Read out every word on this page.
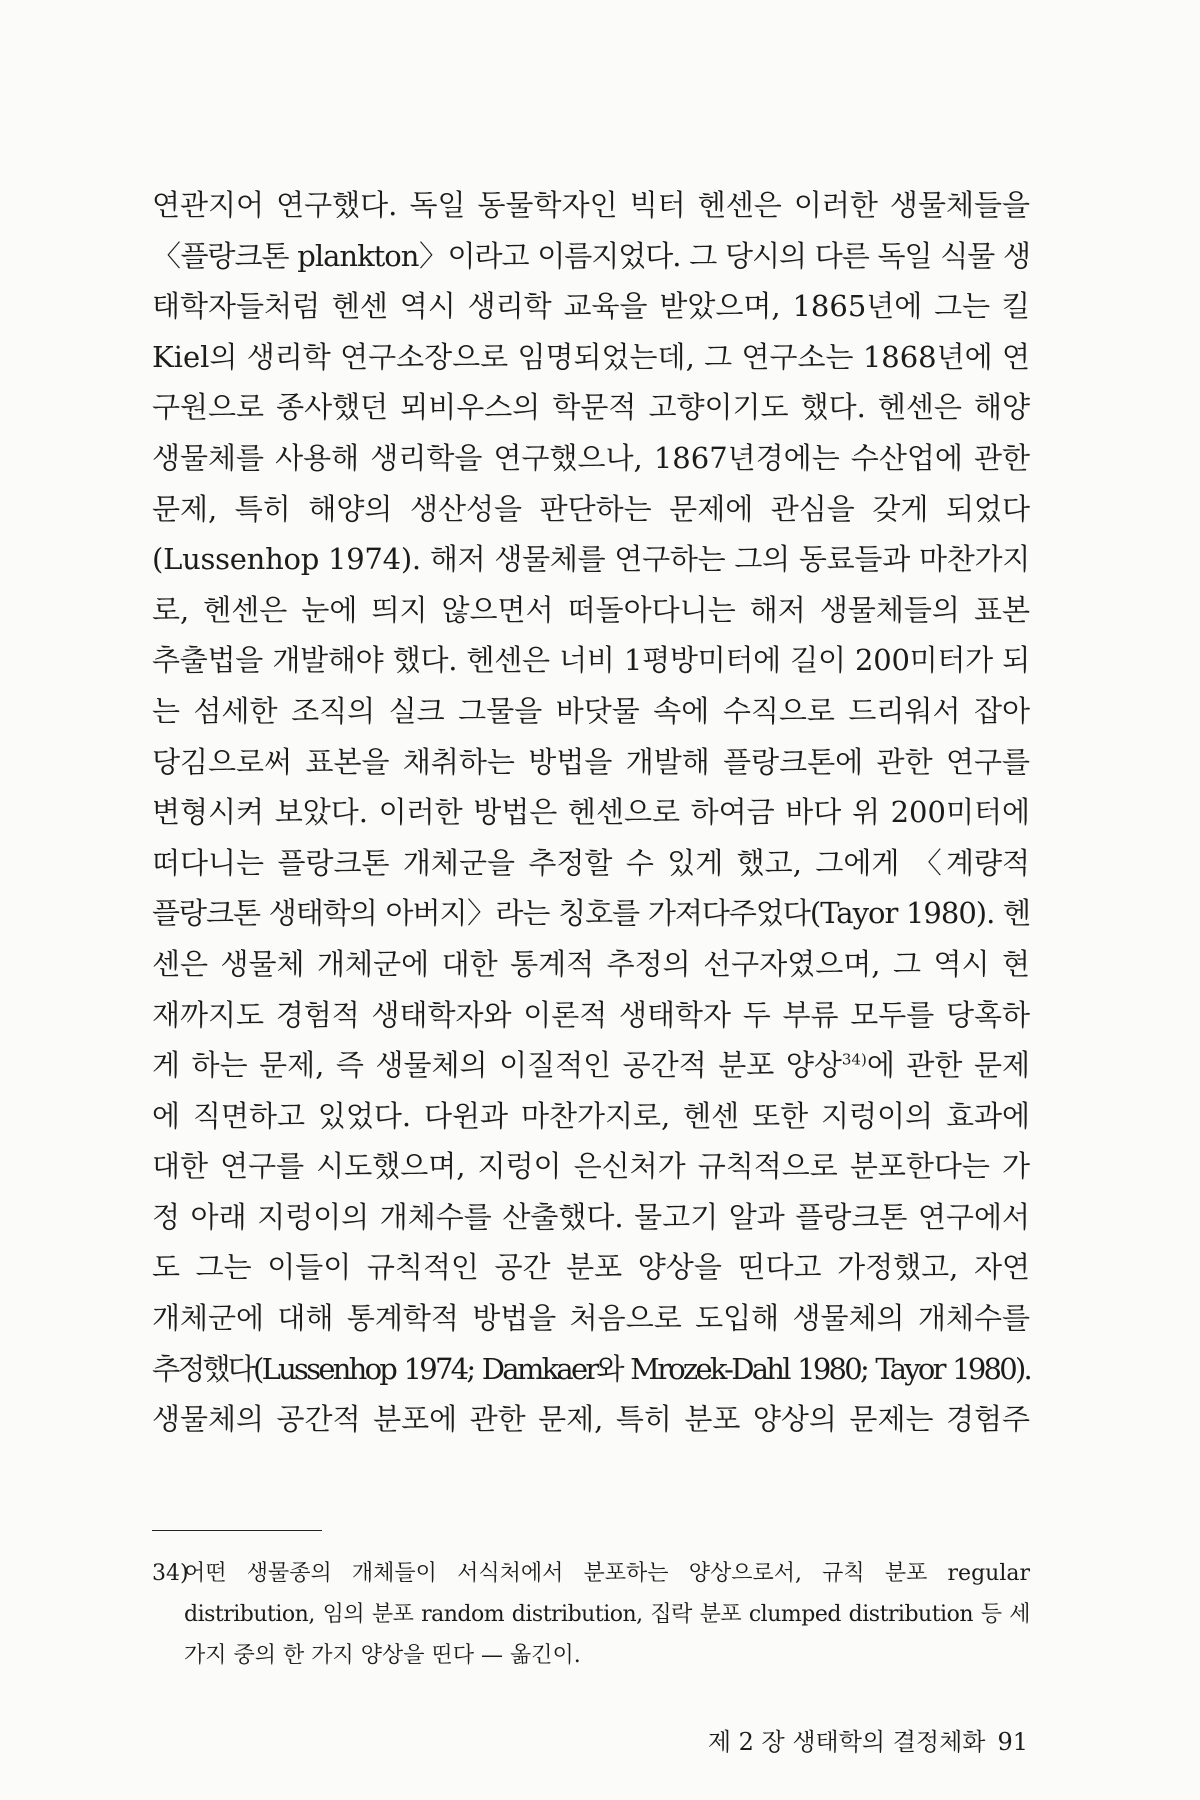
연관지어 연구했다. 독일 동물학자인 빅터 헨센은 이러한 생물체들을
〈플랑크톤 plankton〉이라고 이름지었다. 그 당시의 다른 독일 식물 생
태학자들처럼 헨센 역시 생리학 교육을 받았으며, 1865년에 그는 킬
Kiel의 생리학 연구소장으로 임명되었는데, 그 연구소는 1868년에 연
구원으로 종사했던 뫼비우스의 학문적 고향이기도 했다. 헨센은 해양
생물체를 사용해 생리학을 연구했으나, 1867년경에는 수산업에 관한
문제, 특히 해양의 생산성을 판단하는 문제에 관심을 갖게 되었다
(Lussenhop 1974). 해저 생물체를 연구하는 그의 동료들과 마찬가지
로, 헨센은 눈에 띄지 않으면서 떠돌아다니는 해저 생물체들의 표본
추출법을 개발해야 했다. 헨센은 너비 1평방미터에 길이 200미터가 되
는 섬세한 조직의 실크 그물을 바닷물 속에 수직으로 드리워서 잡아
당김으로써 표본을 채취하는 방법을 개발해 플랑크톤에 관한 연구를
변형시켜 보았다. 이러한 방법은 헨센으로 하여금 바다 위 200미터에
떠다니는 플랑크톤 개체군을 추정할 수 있게 했고, 그에게 〈계량적
플랑크톤 생태학의 아버지〉라는 칭호를 가져다주었다(Tayor 1980). 헨
센은 생물체 개체군에 대한 통계적 추정의 선구자였으며, 그 역시 현
재까지도 경험적 생태학자와 이론적 생태학자 두 부류 모두를 당혹하
게 하는 문제, 즉 생물체의 이질적인 공간적 분포 양상$^{34)}$에 관한 문제
에 직면하고 있었다. 다윈과 마찬가지로, 헨센 또한 지렁이의 효과에
대한 연구를 시도했으며, 지렁이 은신처가 규칙적으로 분포한다는 가
정 아래 지렁이의 개체수를 산출했다. 물고기 알과 플랑크톤 연구에서
도 그는 이들이 규칙적인 공간 분포 양상을 띤다고 가정했고, 자연
개체군에 대해 통계학적 방법을 처음으로 도입해 생물체의 개체수를
추정했다(Lussenhop 1974; Damkaer와 Mrozek-Dahl 1980; Tayor 1980).
생물체의 공간적 분포에 관한 문제, 특히 분포 양상의 문제는 경험주
34)어떤 생물종의 개체들이 서식처에서 분포하는 양상으로서, 규칙 분포 regular
distribution, 임의 분포 random distribution, 집락 분포 clumped distribution 등 세
가지 중의 한 가지 양상을 띤다 — 옮긴이.
제 2 장 생태학의 결정체화 91
